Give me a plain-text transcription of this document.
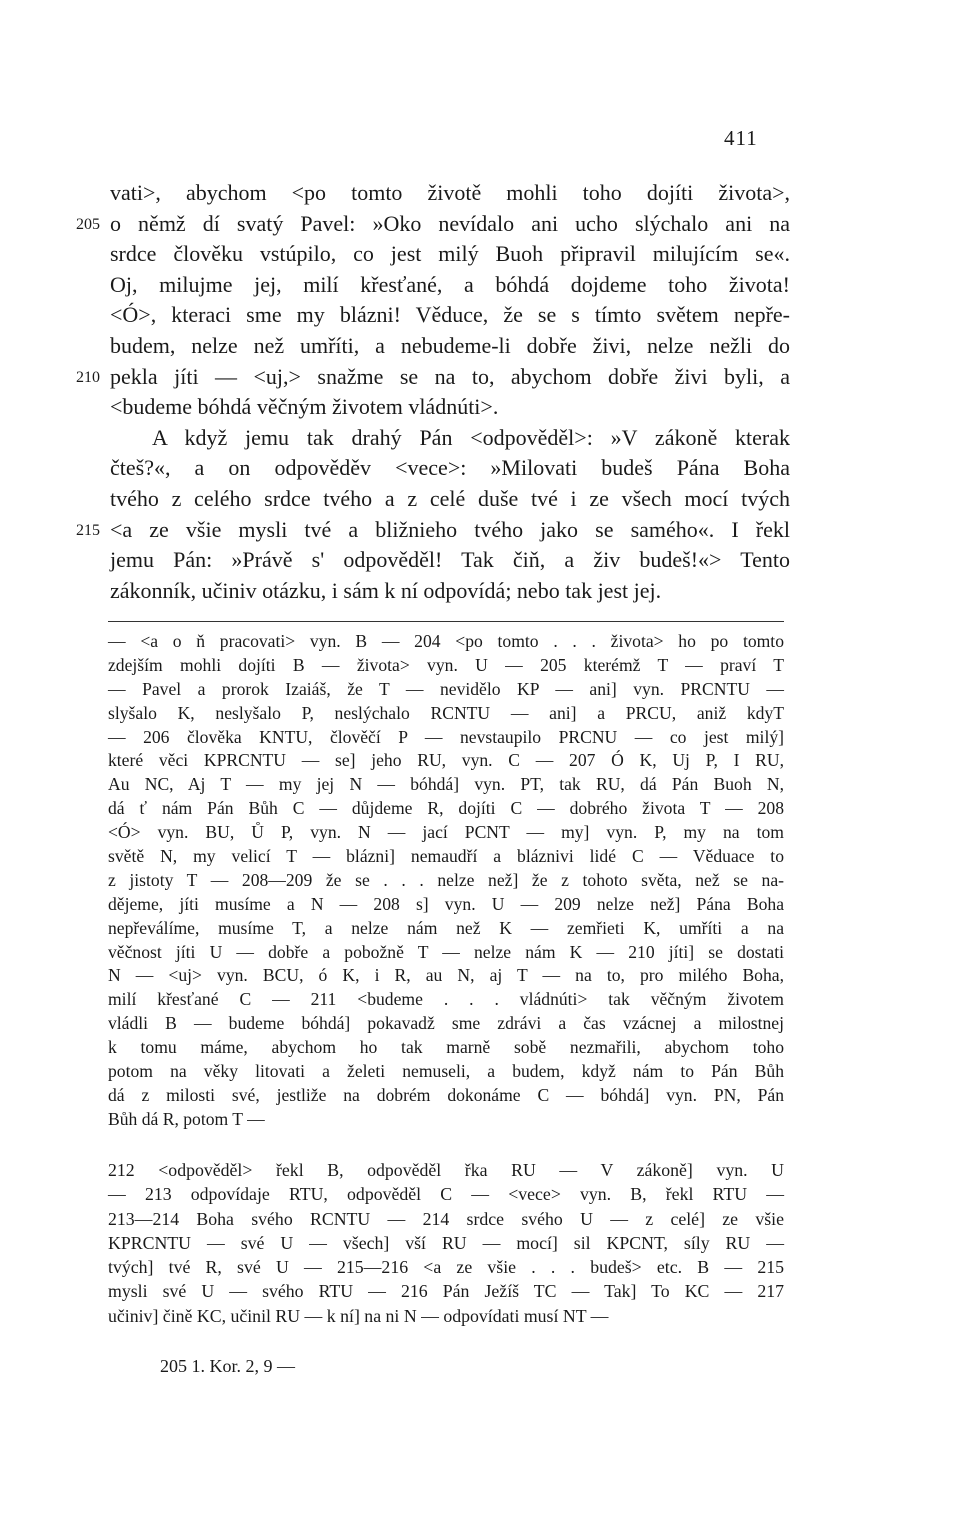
411
vati>, abychom <po tomto životě mohli toho dojíti života>,
205 o němž dí svatý Pavel: »Oko nevídalo ani ucho slýchalo ani na
srdce člověku vstúpilo, co jest milý Buoh připravil milujícím se«.
Oj, milujme jej, milí křesťané, a bóhdá dojdeme toho života!
<Ó>, kteraci sme my blázni! Věduce, že se s tímto světem nepře-
budem, nelze než umříti, a nebudeme-li dobře živi, nelze nežli do
210 pekla jíti — <uj,> snažme se na to, abychom dobře živi byli, a
<budeme bóhdá věčným životem vládnúti>.
A když jemu tak drahý Pán <odpověděl>: »V zákoně kterak
čteš?«, a on odpověděv <vece>: »Milovati budeš Pána Boha
tvého z celého srdce tvého a z celé duše tvé i ze všech mocí tvých
215 <a ze všie mysli tvé a bližnieho tvého jako se samého«. I řekl
jemu Pán: »Právě s' odpověděl! Tak čiň, a živ budeš!«> Tento
zákonník, učiniv otázku, i sám k ní odpovídá; nebo tak jest jej.
— <a o ň pracovati> vyn. B — 204 <po tomto . . . života> ho po tomto
zdejším mohli dojíti B — života> vyn. U — 205 kterémž T — praví T
— Pavel a prorok Izaiáš, že T — nevidělo KP — ani] vyn. PRCNTU —
slyšalo K, neslyšalo P, neslýchalo RCNTU — ani] a PRCU, aniž kdyT
— 206 člověka KNTU, člověčí P — nevstaupilo PRCNU — co jest milý]
které věci KPRCNTU — se] jeho RU, vyn. C — 207 Ó K, Uj P, I RU,
Au NC, Aj T — my jej N — bóhdá] vyn. PT, tak RU, dá Pán Buoh N,
dá ť nám Pán Bůh C — důjdeme R, dojíti C — dobrého života T — 208
<Ó> vyn. BU, Ů P, vyn. N — jací PCNT — my] vyn. P, my na tom
světě N, my velicí T — blázni] nemaudří a bláznivi lidé C — Věduace to
z jistoty T — 208—209 že se . . . nelze než] že z tohoto světa, než se na-
dějeme, jíti musíme a N — 208 s] vyn. U — 209 nelze než] Pána Boha
nepřeválíme, musíme T, a nelze nám než K — zemřieti K, umříti a na
věčnost jíti U — dobře a pobožně T — nelze nám K — 210 jíti] se dostati
N — <uj> vyn. BCU, ó K, i R, au N, aj T — na to, pro milého Boha,
milí křesťané C — 211 <budeme . . . vládnúti> tak věčným životem
vládli B — budeme bóhdá] pokavadž sme zdrávi a čas vzácnej a milostnej
k tomu máme, abychom ho tak marně sobě nezmařili, abychom toho
potom na věky litovati a želeti nemuseli, a budem, když nám to Pán Bůh
dá z milosti své, jestliže na dobrém dokonáme C — bóhdá] vyn. PN, Pán
Bůh dá R, potom T —
212 <odpověděl> řekl B, odpověděl řka RU — V zákoně] vyn. U
— 213 odpovídaje RTU, odpověděl C — <vece> vyn. B, řekl RTU —
213—214 Boha svého RCNTU — 214 srdce svého U — z celé] ze všie
KPRCNTU — své U — všech] vší RU — mocí] sil KPCNT, síly RU —
tvých] tvé R, své U — 215—216 <a ze všie . . . budeš> etc. B — 215
mysli své U — svého RTU — 216 Pán Ježíš TC — Tak] To KC — 217
učiniv] čině KC, učinil RU — k ní] na ni N — odpovídati musí NT —
205 1. Kor. 2, 9 —
